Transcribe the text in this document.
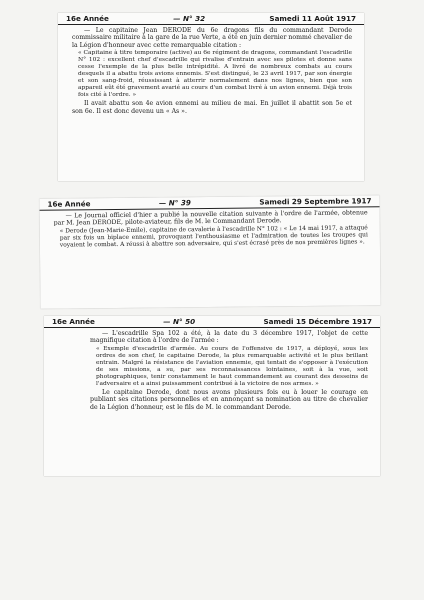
16e Année	— N° 32	Samedi 11 Août 1917

— Le capitaine Jean DERODE du 6e dragons fils du commandant Derode commissaire militaire à la gare de la rue Verte, a été en juin dernier nommé chevalier de la Légion d'honneur avec cette remarquable citation :

« Capitaine à titre temporaire (active) au 6e régiment de dragons, commandant l'escadrille N° 102 : excellent chef d'escadrille qui rivalise d'entrain avec ses pilotes et donne sans cesse l'exemple de la plus belle intrépidité. A livré de nombreux combats au cours desquels il a abattu trois avions ennemis. S'est distingué, le 23 avril 1917, par son énergie et son sang-froid, réussissant à atterrir normalement dans nos lignes, bien que son appareil eût été gravement avarié au cours d'un combat livré à un avion ennemi. Déjà trois fois cité à l'ordre. »

Il avait abattu son 4e avion ennemi au milieu de mai. En juillet il abattit son 5e et son 6e. Il est donc devenu un « As ».

16e Année	— N° 39	Samedi 29 Septembre 1917

— Le Journal officiel d'hier a publié la nouvelle citation suivante à l'ordre de l'armée, obtenue par M. Jean DERODE, pilote-aviateur, fils de M. le Commandant Derode.

« Derode (Jean-Marie-Emile), capitaine de cavalerie à l'escadrille N° 102 : « Le 14 mai 1917, a attaqué par six fois un biplace ennemi, provoquant l'enthousiasme et l'admiration de toutes les troupes qui voyaient le combat. A réussi à abattre son adversaire, qui s'est écrasé près de nos premières lignes ».

16e Année	— N° 50	Samedi 15 Décembre 1917

— L'escadrille Spa 102 a été, à la date du 3 décembre 1917, l'objet de cette magnifique citation à l'ordre de l'armée :

« Exemple d'escadrille d'armée. Au cours de l'offensive de 1917, a déployé, sous les ordres de son chef, le capitaine Derode, la plus remarquable activité et le plus brillant entrain. Malgré la résistance de l'aviation ennemie, qui tentait de s'opposer à l'exécution de ses missions, a su, par ses reconnaissances lointaines, soit à la vue, soit photographiques, tenir constamment le haut commandement au courant des desseins de l'adversaire et a ainsi puissamment contribué à la victoire de nos armes. »

Le capitaine Derode, dont nous avons plusieurs fois eu à louer le courage en publiant ses citations personnelles et en annonçant sa nomination au titre de chevalier de la Légion d'honneur, est le fils de M. le commandant Derode.
